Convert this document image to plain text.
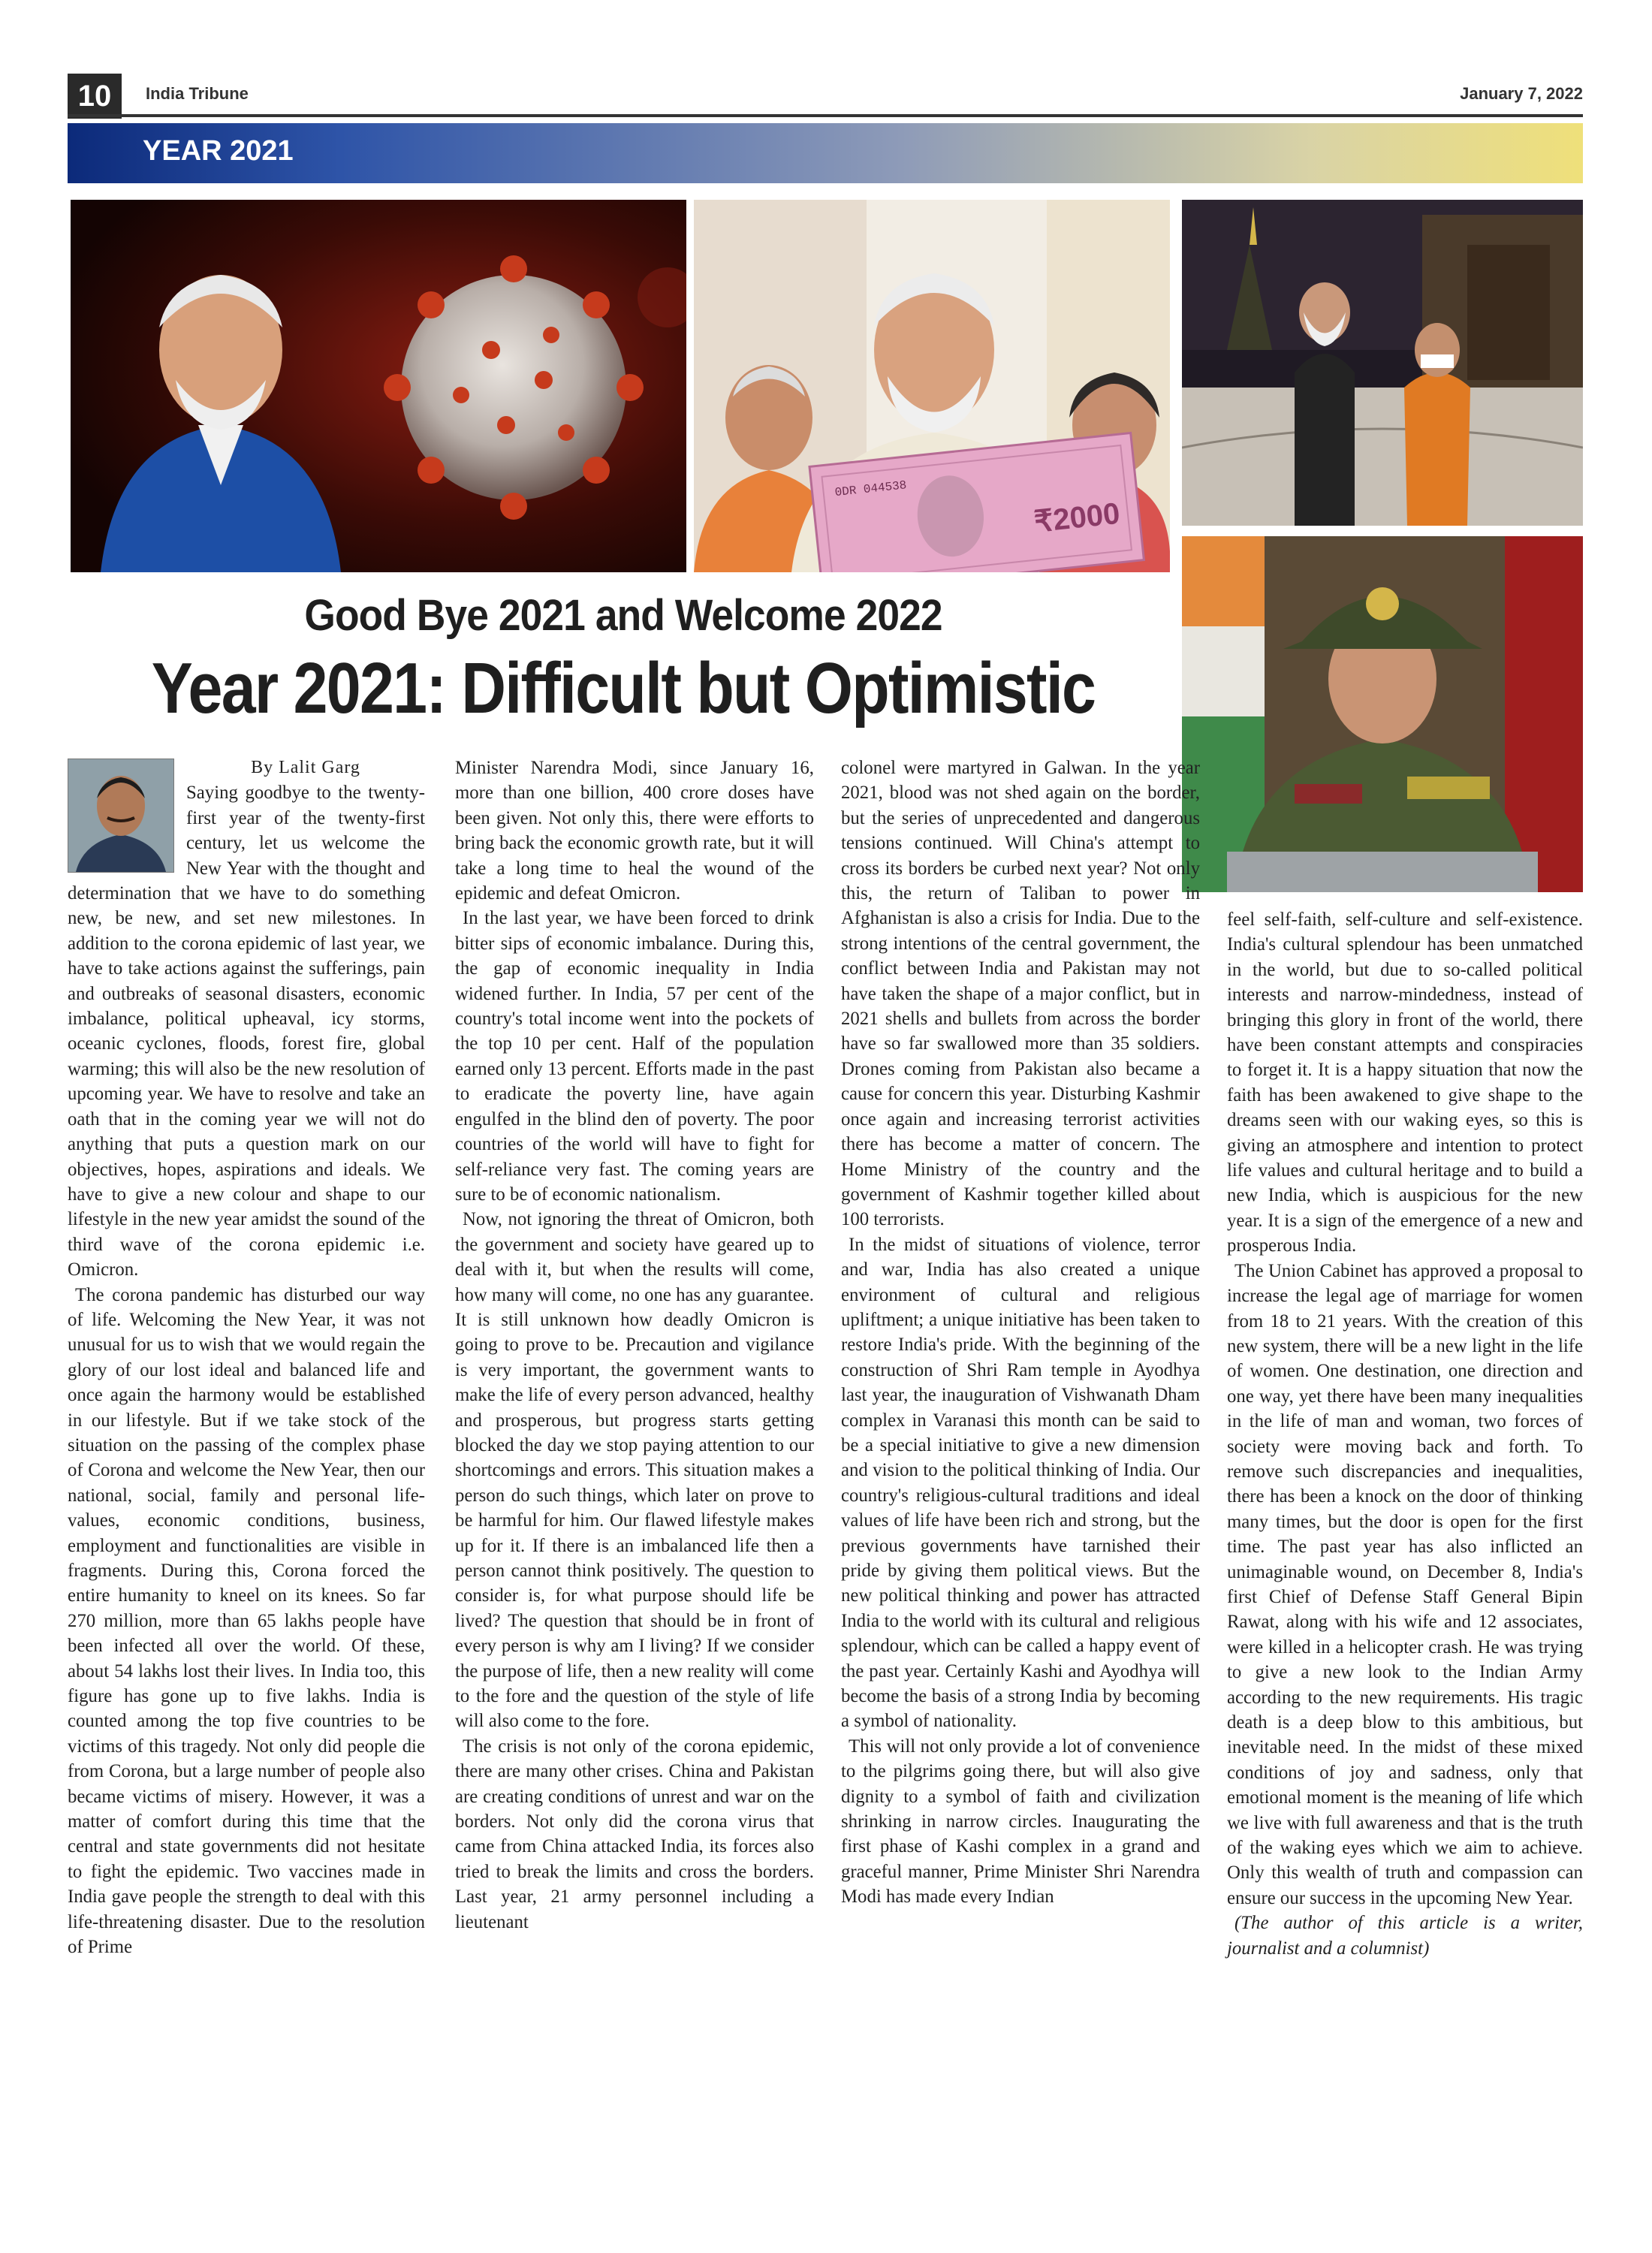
10	India Tribune	January 7, 2022
YEAR 2021
₹2000
0DR 044538
Good Bye 2021 and Welcome 2022
Year 2021: Difficult but Optimistic
By Lalit Garg

Saying goodbye to the twenty-first year of the twenty-first century, let us welcome the New Year with the thought and determination that we have to do something new, be new, and set new milestones. In addition to the corona epidemic of last year, we have to take actions against the sufferings, pain and outbreaks of seasonal disasters, economic imbalance, political upheaval, icy storms, oceanic cyclones, floods, forest fire, global warming; this will also be the new resolution of upcoming year. We have to resolve and take an oath that in the coming year we will not do anything that puts a question mark on our objectives, hopes, aspirations and ideals. We have to give a new colour and shape to our lifestyle in the new year amidst the sound of the third wave of the corona epidemic i.e. Omicron.

The corona pandemic has disturbed our way of life. Welcoming the New Year, it was not unusual for us to wish that we would regain the glory of our lost ideal and balanced life and once again the harmony would be established in our lifestyle. But if we take stock of the situation on the passing of the complex phase of Corona and welcome the New Year, then our national, social, family and personal life-values, economic conditions, business, employment and functionalities are visible in fragments. During this, Corona forced the entire humanity to kneel on its knees. So far 270 million, more than 65 lakhs people have been infected all over the world. Of these, about 54 lakhs lost their lives. In India too, this figure has gone up to five lakhs. India is counted among the top five countries to be victims of this tragedy. Not only did people die from Corona, but a large number of people also became victims of misery. However, it was a matter of comfort during this time that the central and state governments did not hesitate to fight the epidemic. Two vaccines made in India gave people the strength to deal with this life-threatening disaster. Due to the resolution of Prime

Minister Narendra Modi, since January 16, more than one billion, 400 crore doses have been given. Not only this, there were efforts to bring back the economic growth rate, but it will take a long time to heal the wound of the epidemic and defeat Omicron.

In the last year, we have been forced to drink bitter sips of economic imbalance. During this, the gap of economic inequality in India widened further. In India, 57 per cent of the country's total income went into the pockets of the top 10 per cent. Half of the population earned only 13 percent. Efforts made in the past to eradicate the poverty line, have again engulfed in the blind den of poverty. The poor countries of the world will have to fight for self-reliance very fast. The coming years are sure to be of economic nationalism.

Now, not ignoring the threat of Omicron, both the government and society have geared up to deal with it, but when the results will come, how many will come, no one has any guarantee. It is still unknown how deadly Omicron is going to prove to be. Precaution and vigilance is very important, the government wants to make the life of every person advanced, healthy and prosperous, but progress starts getting blocked the day we stop paying attention to our shortcomings and errors. This situation makes a person do such things, which later on prove to be harmful for him. Our flawed lifestyle makes up for it. If there is an imbalanced life then a person cannot think positively. The question to consider is, for what purpose should life be lived? The question that should be in front of every person is why am I living? If we consider the purpose of life, then a new reality will come to the fore and the question of the style of life will also come to the fore.

The crisis is not only of the corona epidemic, there are many other crises. China and Pakistan are creating conditions of unrest and war on the borders. Not only did the corona virus that came from China attacked India, its forces also tried to break the limits and cross the borders. Last year, 21 army personnel including a lieutenant

colonel were martyred in Galwan. In the year 2021, blood was not shed again on the border, but the series of unprecedented and dangerous tensions continued. Will China's attempt to cross its borders be curbed next year? Not only this, the return of Taliban to power in Afghanistan is also a crisis for India. Due to the strong intentions of the central government, the conflict between India and Pakistan may not have taken the shape of a major conflict, but in 2021 shells and bullets from across the border have so far swallowed more than 35 soldiers. Drones coming from Pakistan also became a cause for concern this year. Disturbing Kashmir once again and increasing terrorist activities there has become a matter of concern. The Home Ministry of the country and the government of Kashmir together killed about 100 terrorists.

In the midst of situations of violence, terror and war, India has also created a unique environment of cultural and religious upliftment; a unique initiative has been taken to restore India's pride. With the beginning of the construction of Shri Ram temple in Ayodhya last year, the inauguration of Vishwanath Dham complex in Varanasi this month can be said to be a special initiative to give a new dimension and vision to the political thinking of India. Our country's religious-cultural traditions and ideal values of life have been rich and strong, but the previous governments have tarnished their pride by giving them political views. But the new political thinking and power has attracted India to the world with its cultural and religious splendour, which can be called a happy event of the past year. Certainly Kashi and Ayodhya will become the basis of a strong India by becoming a symbol of nationality.

This will not only provide a lot of convenience to the pilgrims going there, but will also give dignity to a symbol of faith and civilization shrinking in narrow circles. Inaugurating the first phase of Kashi complex in a grand and graceful manner, Prime Minister Shri Narendra Modi has made every Indian

feel self-faith, self-culture and self-existence. India's cultural splendour has been unmatched in the world, but due to so-called political interests and narrow-mindedness, instead of bringing this glory in front of the world, there have been constant attempts and conspiracies to forget it. It is a happy situation that now the faith has been awakened to give shape to the dreams seen with our waking eyes, so this is giving an atmosphere and intention to protect life values and cultural heritage and to build a new India, which is auspicious for the new year. It is a sign of the emergence of a new and prosperous India.

The Union Cabinet has approved a proposal to increase the legal age of marriage for women from 18 to 21 years. With the creation of this new system, there will be a new light in the life of women. One destination, one direction and one way, yet there have been many inequalities in the life of man and woman, two forces of society were moving back and forth. To remove such discrepancies and inequalities, there has been a knock on the door of thinking many times, but the door is open for the first time. The past year has also inflicted an unimaginable wound, on December 8, India's first Chief of Defense Staff General Bipin Rawat, along with his wife and 12 associates, were killed in a helicopter crash. He was trying to give a new look to the Indian Army according to the new requirements. His tragic death is a deep blow to this ambitious, but inevitable need. In the midst of these mixed conditions of joy and sadness, only that emotional moment is the meaning of life which we live with full awareness and that is the truth of the waking eyes which we aim to achieve. Only this wealth of truth and compassion can ensure our success in the upcoming New Year.

(The author of this article is a writer, journalist and a columnist)
